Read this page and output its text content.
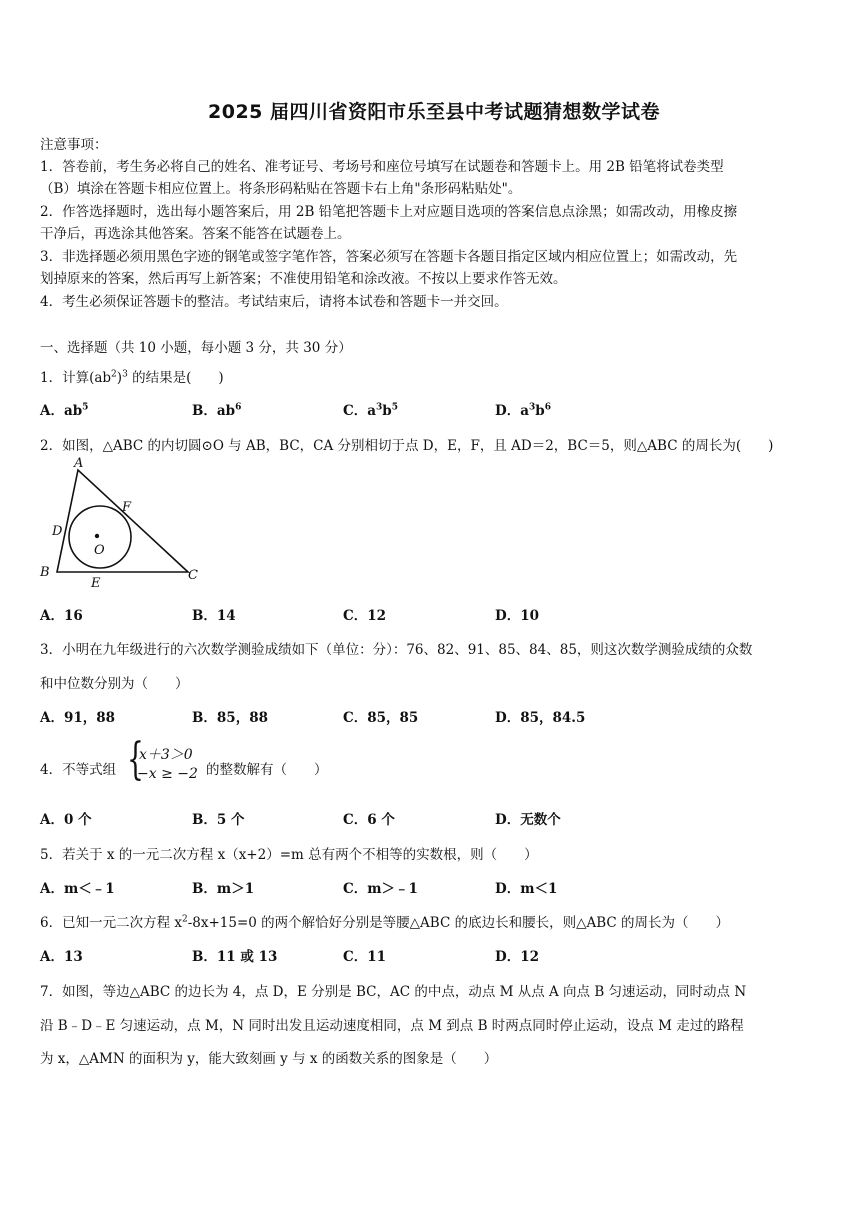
2025 届四川省资阳市乐至县中考试题猜想数学试卷
注意事项：
1．答卷前，考生务必将自己的姓名、准考证号、考场号和座位号填写在试题卷和答题卡上。用 2B 铅笔将试卷类型
（B）填涂在答题卡相应位置上。将条形码粘贴在答题卡右上角"条形码粘贴处"。
2．作答选择题时，选出每小题答案后，用 2B 铅笔把答题卡上对应题目选项的答案信息点涂黑；如需改动，用橡皮擦
干净后，再选涂其他答案。答案不能答在试题卷上。
3．非选择题必须用黑色字迹的钢笔或签字笔作答，答案必须写在答题卡各题目指定区域内相应位置上；如需改动，先
划掉原来的答案，然后再写上新答案；不准使用铅笔和涂改液。不按以上要求作答无效。
4．考生必须保证答题卡的整洁。考试结束后，请将本试卷和答题卡一并交回。
一、选择题（共 10 小题，每小题 3 分，共 30 分）
1．计算$(ab^2)^3$ 的结果是(　　)
A．$ab^5$	B．$ab^6$	C．$a^3b^5$	D．$a^3b^6$
2．如图，△ABC 的内切圆⊙O 与 AB，BC，CA 分别相切于点 D，E，F，且 AD＝2，BC＝5，则△ABC 的周长为(　　)
A
B	C
D
E
F
O
A．16	B．14	C．12	D．10
3．小明在九年级进行的六次数学测验成绩如下（单位：分）：76、82、91、85、84、85，则这次数学测验成绩的众数
和中位数分别为（　　）
A．91，88	B．85，88	C．85，85	D．85，84.5
4．不等式组 {
x＋3＞0
−x ≥ −2 的整数解有（　　）
A．0 个	B．5 个	C．6 个	D．无数个
5．若关于 x 的一元二次方程 x（x+2）=m 总有两个不相等的实数根，则（　　）
A．m＜﹣1	B．m＞1	C．m＞﹣1	D．m＜1
6．已知一元二次方程 $x^2-8x+15=0$ 的两个解恰好分别是等腰△ABC 的底边长和腰长，则△ABC 的周长为（　　）
A．13	B．11 或 13	C．11	D．12
7．如图，等边△ABC 的边长为 4，点 D，E 分别是 BC，AC 的中点，动点 M 从点 A 向点 B 匀速运动，同时动点 N
沿 B﹣D﹣E 匀速运动，点 M，N 同时出发且运动速度相同，点 M 到点 B 时两点同时停止运动，设点 M 走过的路程
为 x，△AMN 的面积为 y，能大致刻画 y 与 x 的函数关系的图象是（　　）
